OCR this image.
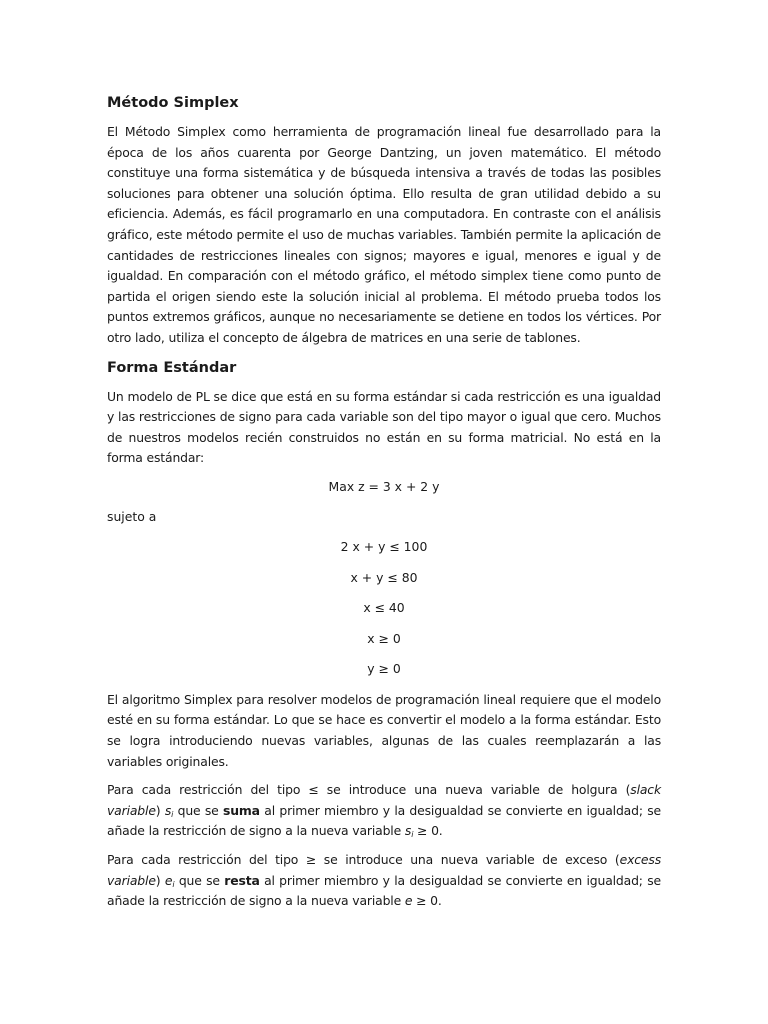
Método Simplex

El Método Simplex como herramienta de programación lineal fue desarrollado para la época de los años cuarenta por George Dantzing, un joven matemático. El método constituye una forma sistemática y de búsqueda intensiva a través de todas las posibles soluciones para obtener una solución óptima. Ello resulta de gran utilidad debido a su eficiencia. Además, es fácil programarlo en una computadora. En contraste con el análisis gráfico, este método permite el uso de muchas variables. También permite la aplicación de cantidades de restricciones lineales con signos; mayores e igual, menores e igual y de igualdad. En comparación con el método gráfico, el método simplex tiene como punto de partida el origen siendo este la solución inicial al problema. El método prueba todos los puntos extremos gráficos, aunque no necesariamente se detiene en todos los vértices. Por otro lado, utiliza el concepto de álgebra de matrices en una serie de tablones.

Forma Estándar

Un modelo de PL se dice que está en su forma estándar si cada restricción es una igualdad y las restricciones de signo para cada variable son del tipo mayor o igual que cero. Muchos de nuestros modelos recién construidos no están en su forma matricial. No está en la forma estándar:

Max z = 3 x + 2 y

sujeto a

2 x + y ≤ 100

x + y ≤ 80

x ≤ 40

x ≥ 0

y ≥ 0

El algoritmo Simplex para resolver modelos de programación lineal requiere que el modelo esté en su forma estándar. Lo que se hace es convertir el modelo a la forma estándar. Esto se logra introduciendo nuevas variables, algunas de las cuales reemplazarán a las variables originales.

Para cada restricción del tipo ≤ se introduce una nueva variable de holgura (slack variable) $s_i$ que se suma al primer miembro y la desigualdad se convierte en igualdad; se añade la restricción de signo a la nueva variable $s_i \ge 0$.

Para cada restricción del tipo ≥ se introduce una nueva variable de exceso (excess variable) $e_i$ que se resta al primer miembro y la desigualdad se convierte en igualdad; se añade la restricción de signo a la nueva variable e ≥ 0.
